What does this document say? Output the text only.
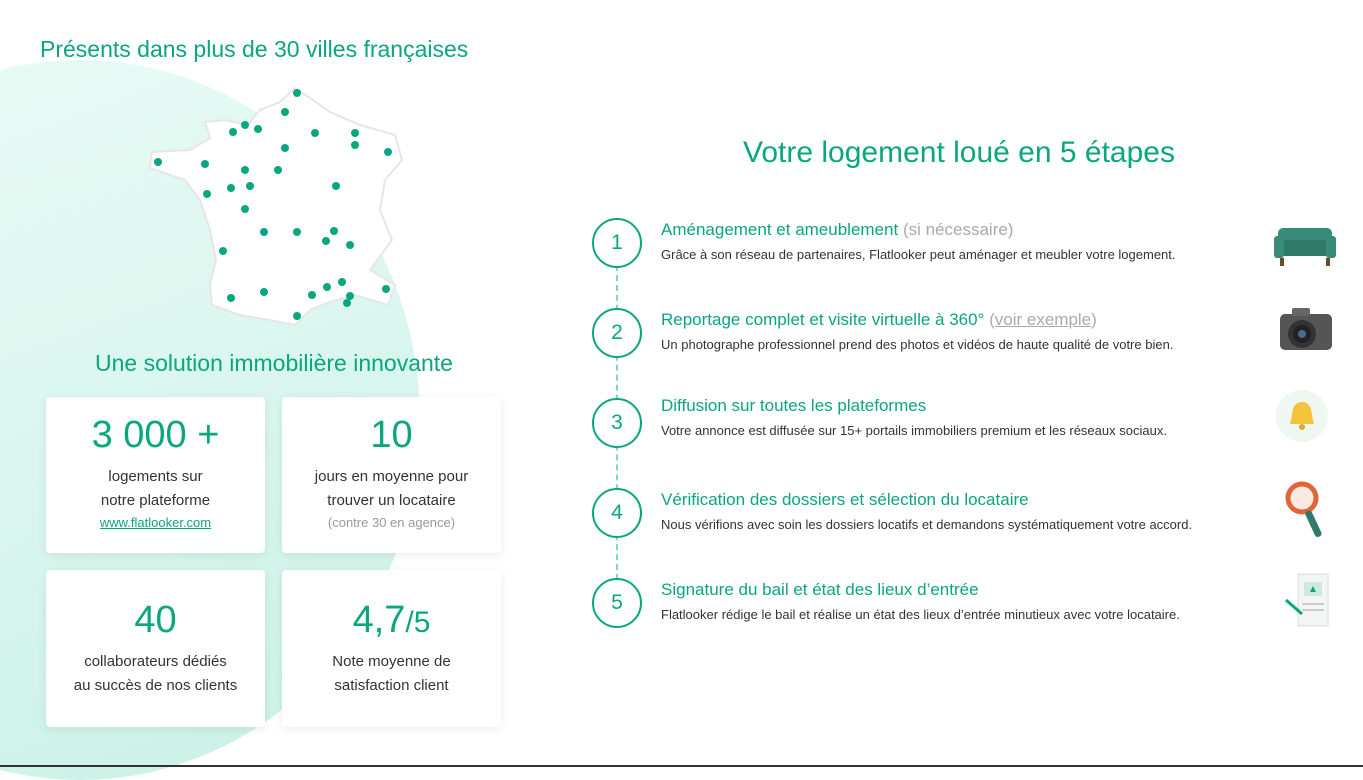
Présents dans plus de 30 villes françaises
Une solution immobilière innovante
3 000 +
logements sur
notre plateforme
www.flatlooker.com
10
jours en moyenne pour
trouver un locataire
(contre 30 en agence)
40
collaborateurs dédiés
au succès de nos clients
4,7/5
Note moyenne de
satisfaction client
Votre logement loué en 5 étapes
1
Aménagement et ameublement (si nécessaire)
Grâce à son réseau de partenaires, Flatlooker peut aménager et meubler votre logement.
2
Reportage complet et visite virtuelle à 360° (voir exemple)
Un photographe professionnel prend des photos et vidéos de haute qualité de votre bien.
3
Diffusion sur toutes les plateformes
Votre annonce est diffusée sur 15+ portails immobiliers premium et les réseaux sociaux.
4
Vérification des dossiers et sélection du locataire
Nous vérifions avec soin les dossiers locatifs et demandons systématiquement votre accord.
5
Signature du bail et état des lieux d’entrée
Flatlooker rédige le bail et réalise un état des lieux d’entrée minutieux avec votre locataire.
